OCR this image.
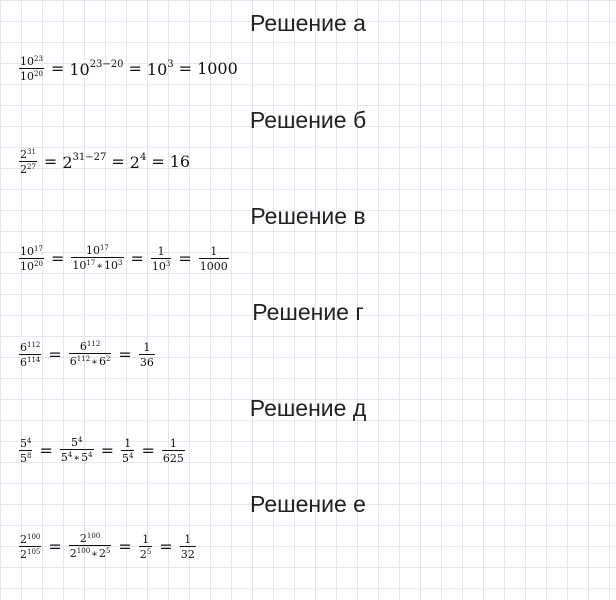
Решение а
$\frac{10^{23}}{10^{20}} = 10^{23-20} = 10^3 = 1000$
Решение б
$\frac{2^{31}}{2^{27}} = 2^{31-27} = 2^4 = 16$
Решение в
$\frac{10^{17}}{10^{20}} = \frac{10^{17}}{10^{17}∗10^3} = \frac{1}{10^3} = \frac{1}{1000}$
Решение г
$\frac{6^{112}}{6^{114}} = \frac{6^{112}}{6^{112}∗6^2} = \frac{1}{36}$
Решение д
$\frac{5^4}{5^8} = \frac{5^4}{5^4∗5^4} = \frac{1}{5^4} = \frac{1}{625}$
Решение е
$\frac{2^{100}}{2^{105}} = \frac{2^{100}}{2^{100}∗2^5} = \frac{1}{2^5} = \frac{1}{32}$
